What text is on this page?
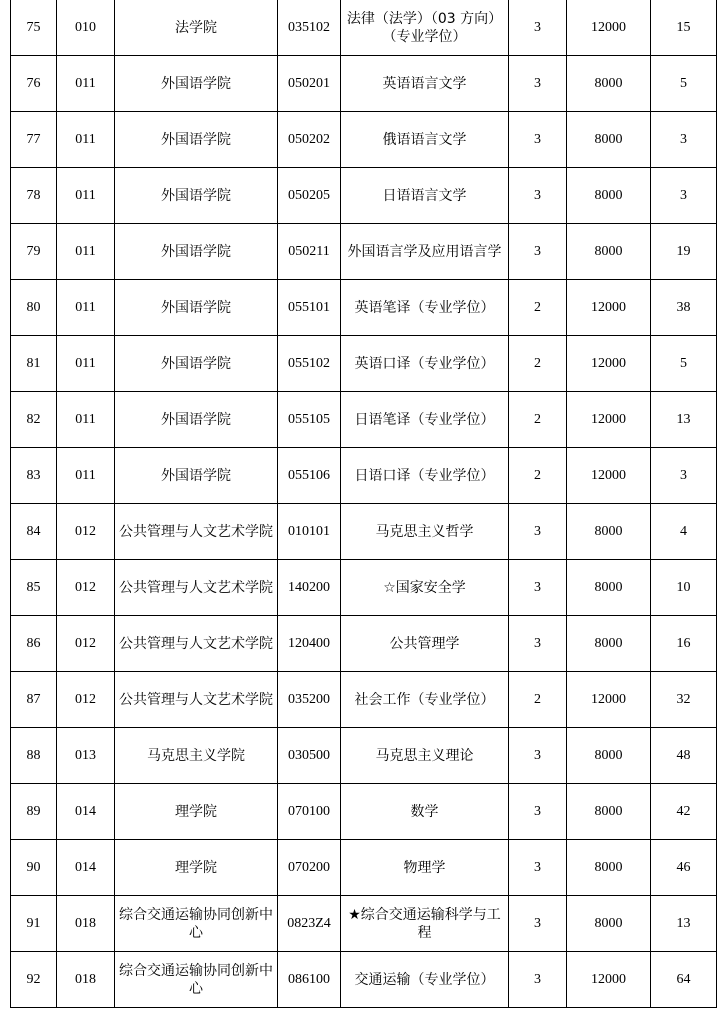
75	010	法学院	035102	法律（法学）（03 方向）（专业学位）	3	12000	15
76	011	外国语学院	050201	英语语言文学	3	8000	5
77	011	外国语学院	050202	俄语语言文学	3	8000	3
78	011	外国语学院	050205	日语语言文学	3	8000	3
79	011	外国语学院	050211	外国语言学及应用语言学	3	8000	19
80	011	外国语学院	055101	英语笔译（专业学位）	2	12000	38
81	011	外国语学院	055102	英语口译（专业学位）	2	12000	5
82	011	外国语学院	055105	日语笔译（专业学位）	2	12000	13
83	011	外国语学院	055106	日语口译（专业学位）	2	12000	3
84	012	公共管理与人文艺术学院	010101	马克思主义哲学	3	8000	4
85	012	公共管理与人文艺术学院	140200	☆国家安全学	3	8000	10
86	012	公共管理与人文艺术学院	120400	公共管理学	3	8000	16
87	012	公共管理与人文艺术学院	035200	社会工作（专业学位）	2	12000	32
88	013	马克思主义学院	030500	马克思主义理论	3	8000	48
89	014	理学院	070100	数学	3	8000	42
90	014	理学院	070200	物理学	3	8000	46
91	018	综合交通运输协同创新中心	0823Z4	★综合交通运输科学与工程	3	8000	13
92	018	综合交通运输协同创新中心	086100	交通运输（专业学位）	3	12000	64
